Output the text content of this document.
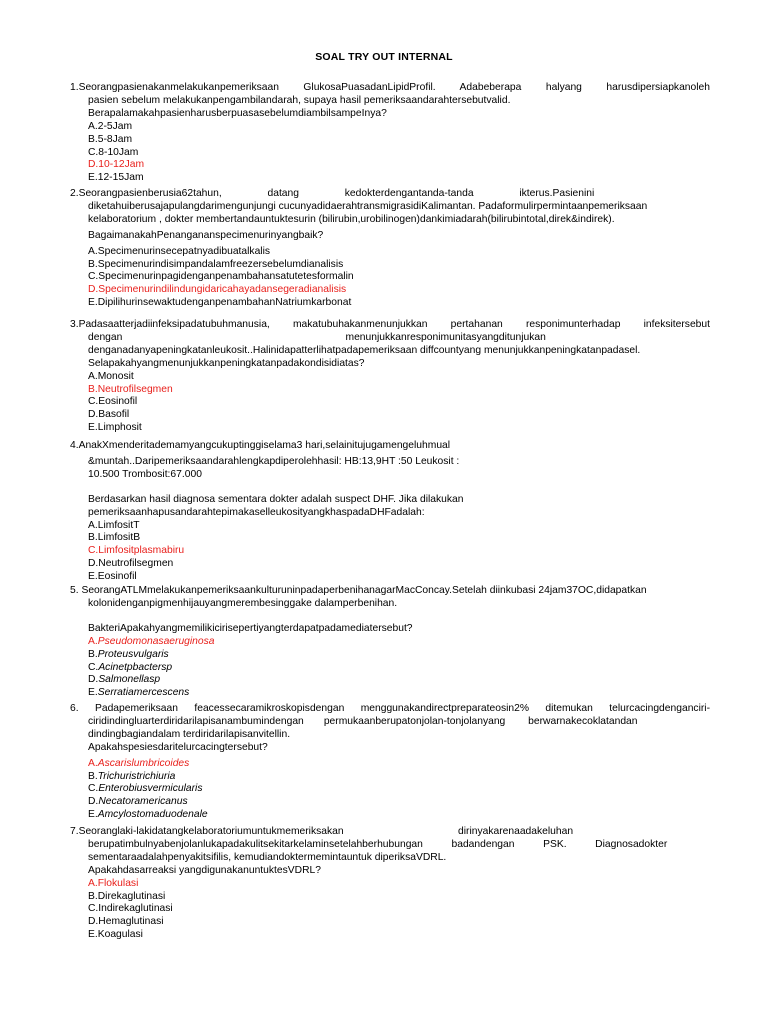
SOAL TRY OUT INTERNAL
1.Seorangpasienakanmelakukanpemeriksaan GlukosaPuasadanLipidProfil. Adabeberapa halyang harusdipersiapkanoleh
pasien sebelum melakukanpengambilandarah, supaya hasil pemeriksaandarahtersebutvalid.
BerapalamakahpasienharusberpuasasebelumdiambilsampeInya?
A.2-5Jam
B.5-8Jam
C.8-10Jam
D.10-12Jam
E.12-15Jam
2.Seorangpasienberusia62tahun,                datang                kedokterdengantanda-tanda                ikterus.Pasienini
diketahuiberusajapulangdarimengunjungi cucunyadidaerahtransmigrasidiKalimantan. Padaformulirpermintaanpemeriksaan
kelaboratorium , dokter membertandauntuktesurin (bilirubin,urobilinogen)dankimiadarah(bilirubintotal,direk&indirek).
BagaimanakahPenangananspecimenurinyangbaik?
A.Specimenurinsecepatnyadibuatalkalis
B.Specimenurindisimpandalamfreezersebelumdianalisis
C.Specimenurinpagidenganpenambahansatutetesformalin
D.Specimenurindilindungidaricahayadansegeradianalisis
E.DipilihurinsewaktudenganpenambahanNatriumkarbonat
3.Padasaatterjadiinfeksipadatubuhmanusia, makatubuhakanmenunjukkan pertahanan responimunterhadap infeksitersebut
dengan                                                                              menunjukkanresponimunitasyangditunjukan
denganadanyapeningkatanleukosit..Halinidapatterlihatpadapemeriksaan diffcountyang menunjukkanpeningkatanpadasel.
Selapakahyangmenunjukkanpeningkatanpadakondisidiatas?
A.Monosit
B.Neutrofilsegmen
C.Eosinofil
D.Basofil
E.Limphosit
4.AnakXmenderitademamyangcukuptinggiselama3 hari,selainitujugamengeluhmual
&muntah..Daripemeriksaandarahlengkapdiperolehhasil: HB:13,9HT :50 Leukosit :
10.500 Trombosit:67.000
Berdasarkan hasil diagnosa sementara dokter adalah suspect DHF. Jika dilakukan
pemeriksaanhapusandarahtepimakaselleukosityangkhaspadaDHFadalah:
A.LimfositT
B.LimfositB
C.Limfositplasmabiru
D.Neutrofilsegmen
E.Eosinofil
5. SeorangATLMmelakukanpemeriksaankulturuninpadaperbenihanagarMacConcay.Setelah diinkubasi 24jam37OC,didapatkan
kolonidenganpigmenhijauyangmerembesinggake dalamperbenihan.
BakteriApakahyangmemilikicirisepertiyangterdapatpadamediatersebut?
A.Pseudomonasaeruginosa
B.Proteusvulgaris
C.Acinetpbactersp
D.Salmonellasp
E.Serratiamercescens
6. Padapemeriksaan feacessecaramikroskopisdengan menggunakandirectpreparateosin2% ditemukan telurcacingdenganciri-
ciridindingluarterdiridarilapisanambumindengan       permukaanberupatonjolan-tonjolanyang        berwarnakecoklatandan
dindingbagiandalam terdiridarilapisanvitellin.
Apakahspesiesdaritelurcacingtersebut?
A.Ascarislumbricoides
B.Trichuristrichiuria
C.Enterobiusvermicularis
D.Necatoramericanus
E.Amcylostomaduodenale
7.Seoranglaki-lakidatangkelaboratoriumuntukmemeriksakan                                        dirinyakarenaadakeluhan
berupatimbulnyabenjolanlukapadakulitsekitarkelaminsetelahberhubungan          badandengan          PSK.          Diagnosadokter
sementaraadalahpenyakitsifilis, kemudiandoktermemintauntuk diperiksaVDRL.
Apakahdasarreaksi yangdigunakanuntuktesVDRL?
A.Flokulasi
B.Direkaglutinasi
C.Indirekaglutinasi
D.Hemaglutinasi
E.Koagulasi
